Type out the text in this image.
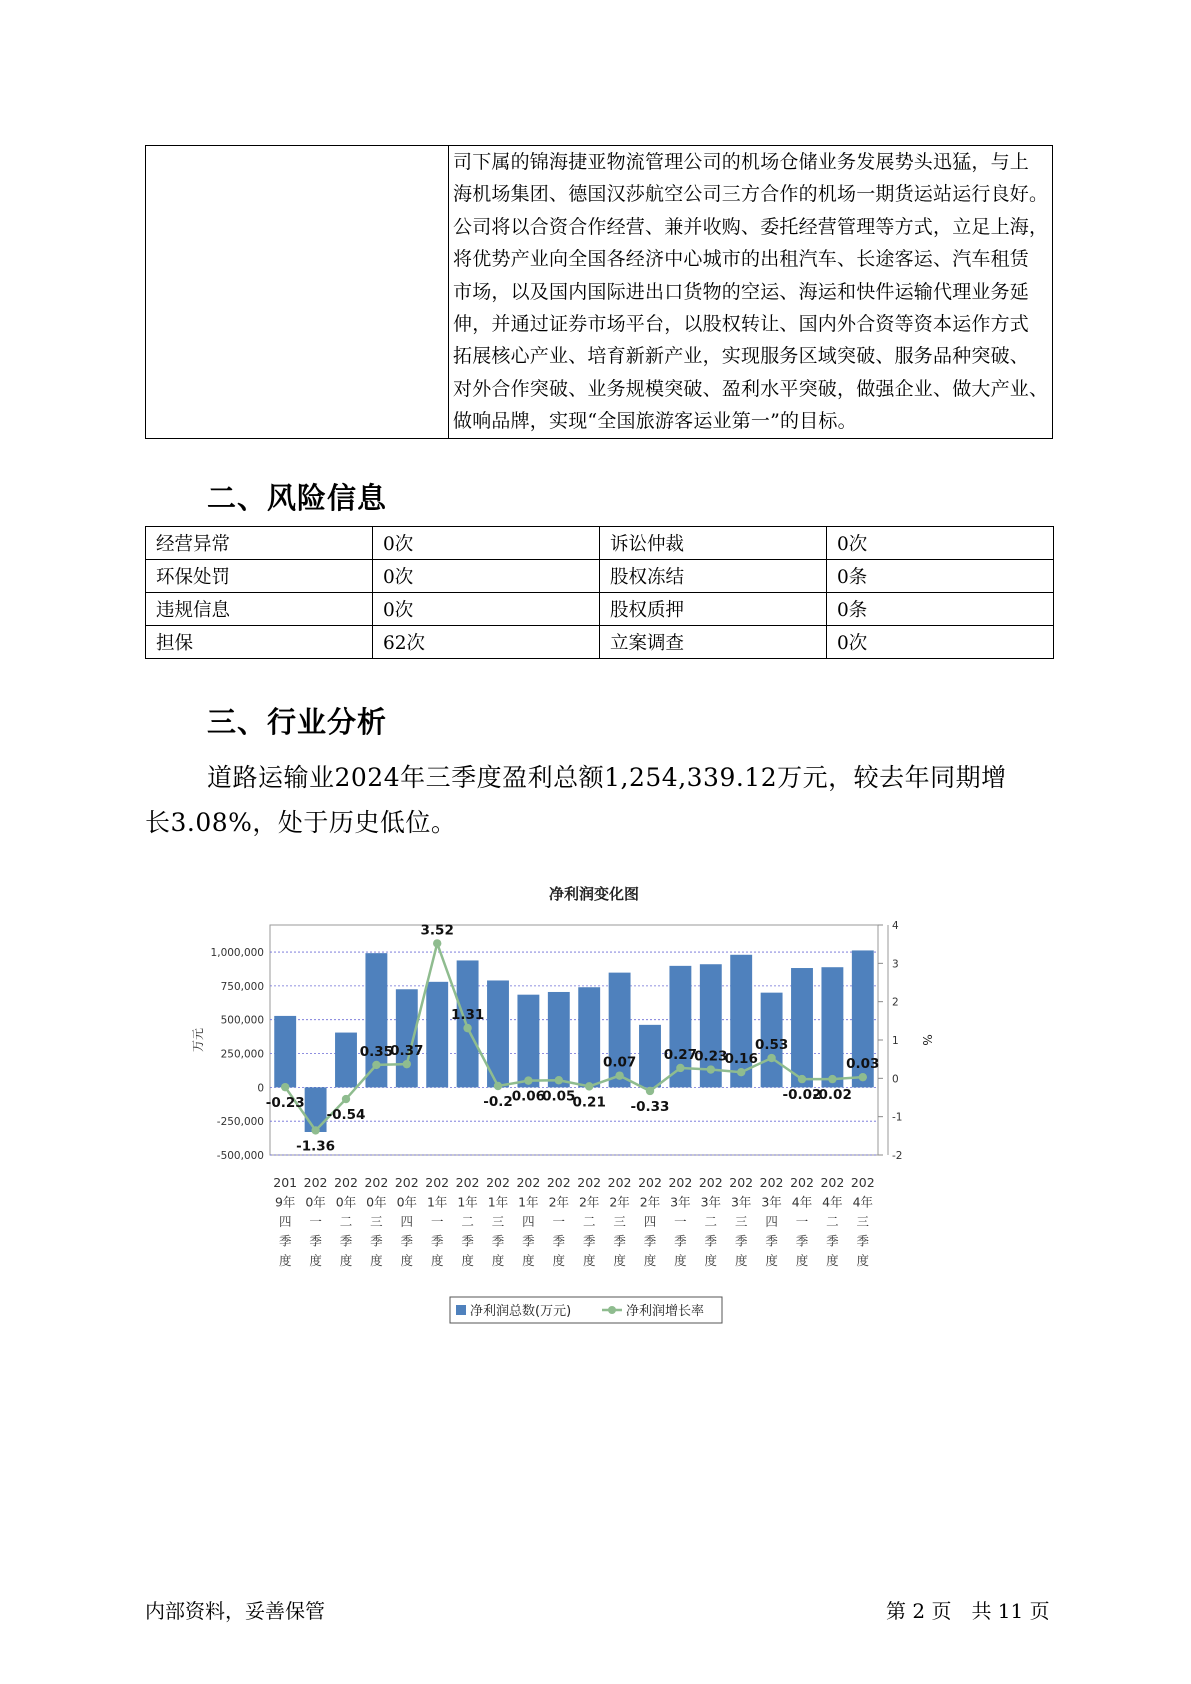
司下属的锦海捷亚物流管理公司的机场仓储业务发展势头迅猛，与上
海机场集团、德国汉莎航空公司三方合作的机场一期货运站运行良好。
公司将以合资合作经营、兼并收购、委托经营管理等方式，立足上海，
将优势产业向全国各经济中心城市的出租汽车、长途客运、汽车租赁
市场，以及国内国际进出口货物的空运、海运和快件运输代理业务延
伸，并通过证券市场平台，以股权转让、国内外合资等资本运作方式
拓展核心产业、培育新新产业，实现服务区域突破、服务品种突破、
对外合作突破、业务规模突破、盈利水平突破，做强企业、做大产业、
做响品牌，实现“全国旅游客运业第一”的目标。
二、风险信息
经营异常	0次	诉讼仲裁	0次
环保处罚	0次	股权冻结	0条
违规信息	0次	股权质押	0条
担保	62次	立案调查	0次
三、行业分析
道路运输业2024年三季度盈利总额1,254,339.12万元，较去年同期增
长3.08%，处于历史低位。
净利润变化图
1,000,000
750,000
500,000
250,000
0
-250,000
-500,000
4
3
2
1
0
-1
-2
万元	%
-0.23
-1.36
-0.54
0.35
0.37
3.52
1.31
-0.2
0.06
0.05
0.21
0.07
-0.33
0.27
0.23
0.16
0.53
-0.02
-0.02
0.03
201
9年
四
季
度
202
0年
一
季
度
202
0年
二
季
度
202
0年
三
季
度
202
0年
四
季
度
202
1年
一
季
度
202
1年
二
季
度
202
1年
三
季
度
202
1年
四
季
度
202
2年
一
季
度
202
2年
二
季
度
202
2年
三
季
度
202
2年
四
季
度
202
3年
一
季
度
202
3年
二
季
度
202
3年
三
季
度
202
3年
四
季
度
202
4年
一
季
度
202
4年
二
季
度
202
4年
三
季
度
净利润总数(万元)	净利润增长率
内部资料，妥善保管	第 2 页　共 11 页
